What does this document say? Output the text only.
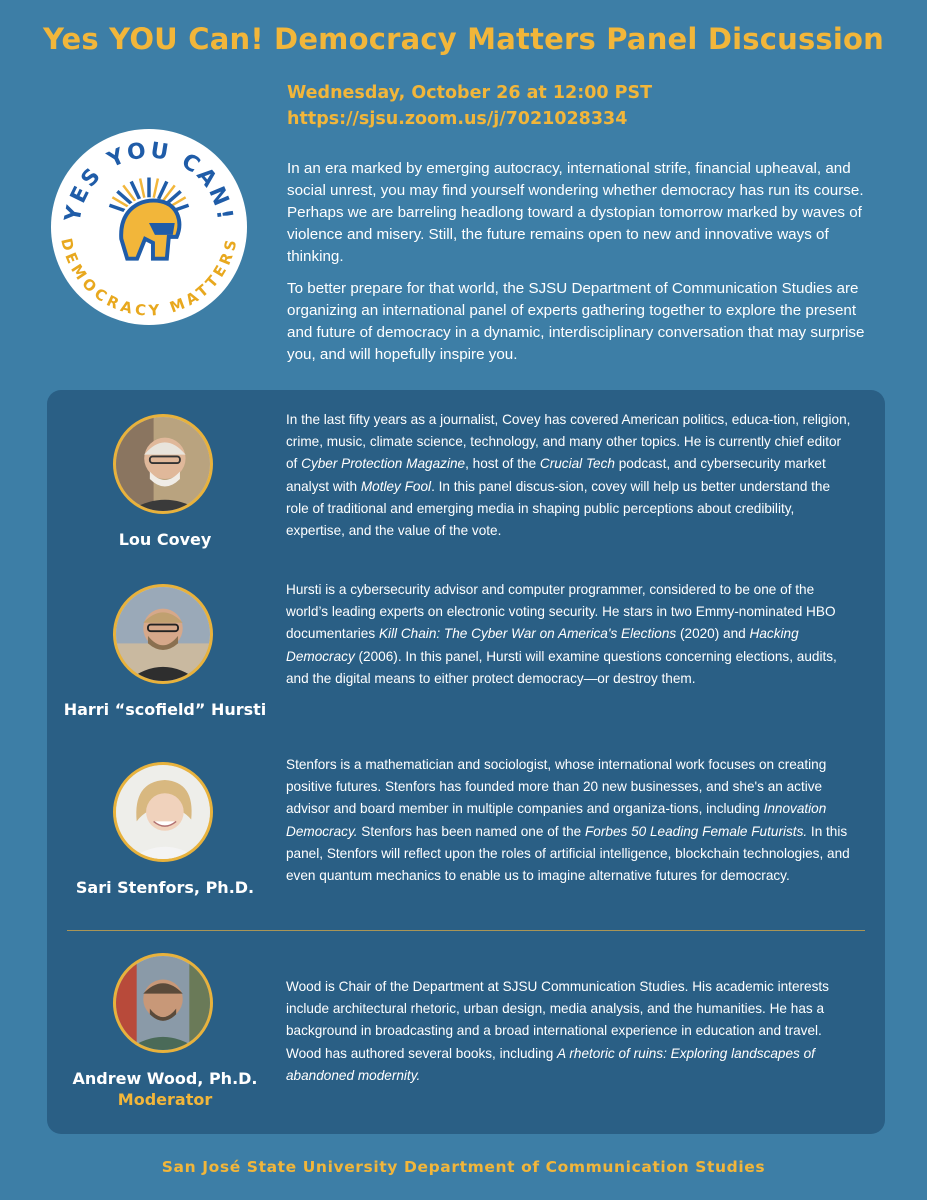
Yes YOU Can! Democracy Matters Panel Discussion
Wednesday, October 26 at 12:00 PST
https://sjsu.zoom.us/j/7021028334
YES YOU CAN!
DEMOCRACY MATTERS

In an era marked by emerging autocracy, international strife, financial upheaval, and social unrest, you may find yourself wondering whether democracy has run its course. Perhaps we are barreling headlong toward a dystopian tomorrow marked by waves of violence and misery. Still, the future remains open to new and innovative ways of thinking.

To better prepare for that world, the SJSU Department of Communication Studies are organizing an international panel of experts gathering together to explore the present and future of democracy in a dynamic, interdisciplinary conversation that may surprise you, and will hopefully inspire you.

Lou Covey
In the last fifty years as a journalist, Covey has covered American politics, educa-tion, religion, crime, music, climate science, technology, and many other topics. He is currently chief editor of Cyber Protection Magazine, host of the Crucial Tech podcast, and cybersecurity market analyst with Motley Fool. In this panel discus-sion, covey will help us better understand the role of traditional and emerging media in shaping public perceptions about credibility, expertise, and the value of the vote.
Harri “scofield” Hursti
Hursti is a cybersecurity advisor and computer programmer, considered to be one of the world’s leading experts on electronic voting security. He stars in two Emmy-nominated HBO documentaries Kill Chain: The Cyber War on America's Elections (2020) and Hacking Democracy (2006). In this panel, Hursti will examine questions concerning elections, audits, and the digital means to either protect democracy—or destroy them.
Sari Stenfors, Ph.D.
Stenfors is a mathematician and sociologist, whose international work focuses on creating positive futures. Stenfors has founded more than 20 new businesses, and she's an active advisor and board member in multiple companies and organiza-tions, including Innovation Democracy. Stenfors has been named one of the Forbes 50 Leading Female Futurists. In this panel, Stenfors will reflect upon the roles of artificial intelligence, blockchain technologies, and even quantum mechanics to enable us to imagine alternative futures for democracy.
Andrew Wood, Ph.D.
Moderator
Wood is Chair of the Department at SJSU Communication Studies. His academic interests include architectural rhetoric, urban design, media analysis, and the humanities. He has a background in broadcasting and a broad international experience in education and travel. Wood has authored several books, including A rhetoric of ruins: Exploring landscapes of abandoned modernity.
San José State University Department of Communication Studies
